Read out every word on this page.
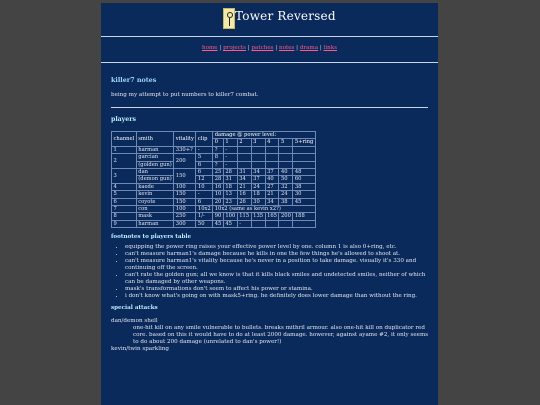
Tower Reversed
home | projects | patches | notes | drama | links
killer7 notes
being my attempt to put numbers to killer7 combat.
players
channel	smith	vitality	clip	damage @ power level:						
				0	1	2	3	4	5	5+ring
1	harman	330+?	-	?	-					
2	garcian	200	5	8	-					
	(golden gun)		6	?	-					
3	dan	150	6	25	28	31	34	37	40	48
	(demon gun)		12	28	31	34	37	40	50	60
4	kaede	100	10	16	18	21	24	27	32	38
5	kevin	150	-	10	13	16	18	21	24	30
6	coyote	150	6	20	23	26	30	34	38	45
7	con	100	10x2	10x2 (same as kevin x2?)						
8	mask	250	1/-	90	100	115	135	165	200	188
9	harman	300	50	45	45	-				
footnotes to players table
• equipping the power ring raises your effective power level by one. column 1 is also 0+ring, etc.
• can't measure harman1's damage because he kills in one the few things he's allowed to shoot at.
• can't measure harman1's vitality because he's never in a position to take damage. visually it's 330 and continuing off the screen.
• can't rate the golden gun; all we know is that it kills black smiles and undetected smiles, neither of which can be damaged by other weapons.
• mask's transformations don't seem to affect his power or stamina.
• i don't know what's going on with mask5+ring. he definitely does lower damage than without the ring.
special attacks
dan/demon shell
one-hit kill on any smile vulnerable to bullets. breaks mithril armour. also one-hit kill on duplicator red core. based on this it would have to do at least 2000 damage. however, against ayame #2, it only seems to do about 200 damage (unrelated to dan's power!)
kevin/twin sparkling
